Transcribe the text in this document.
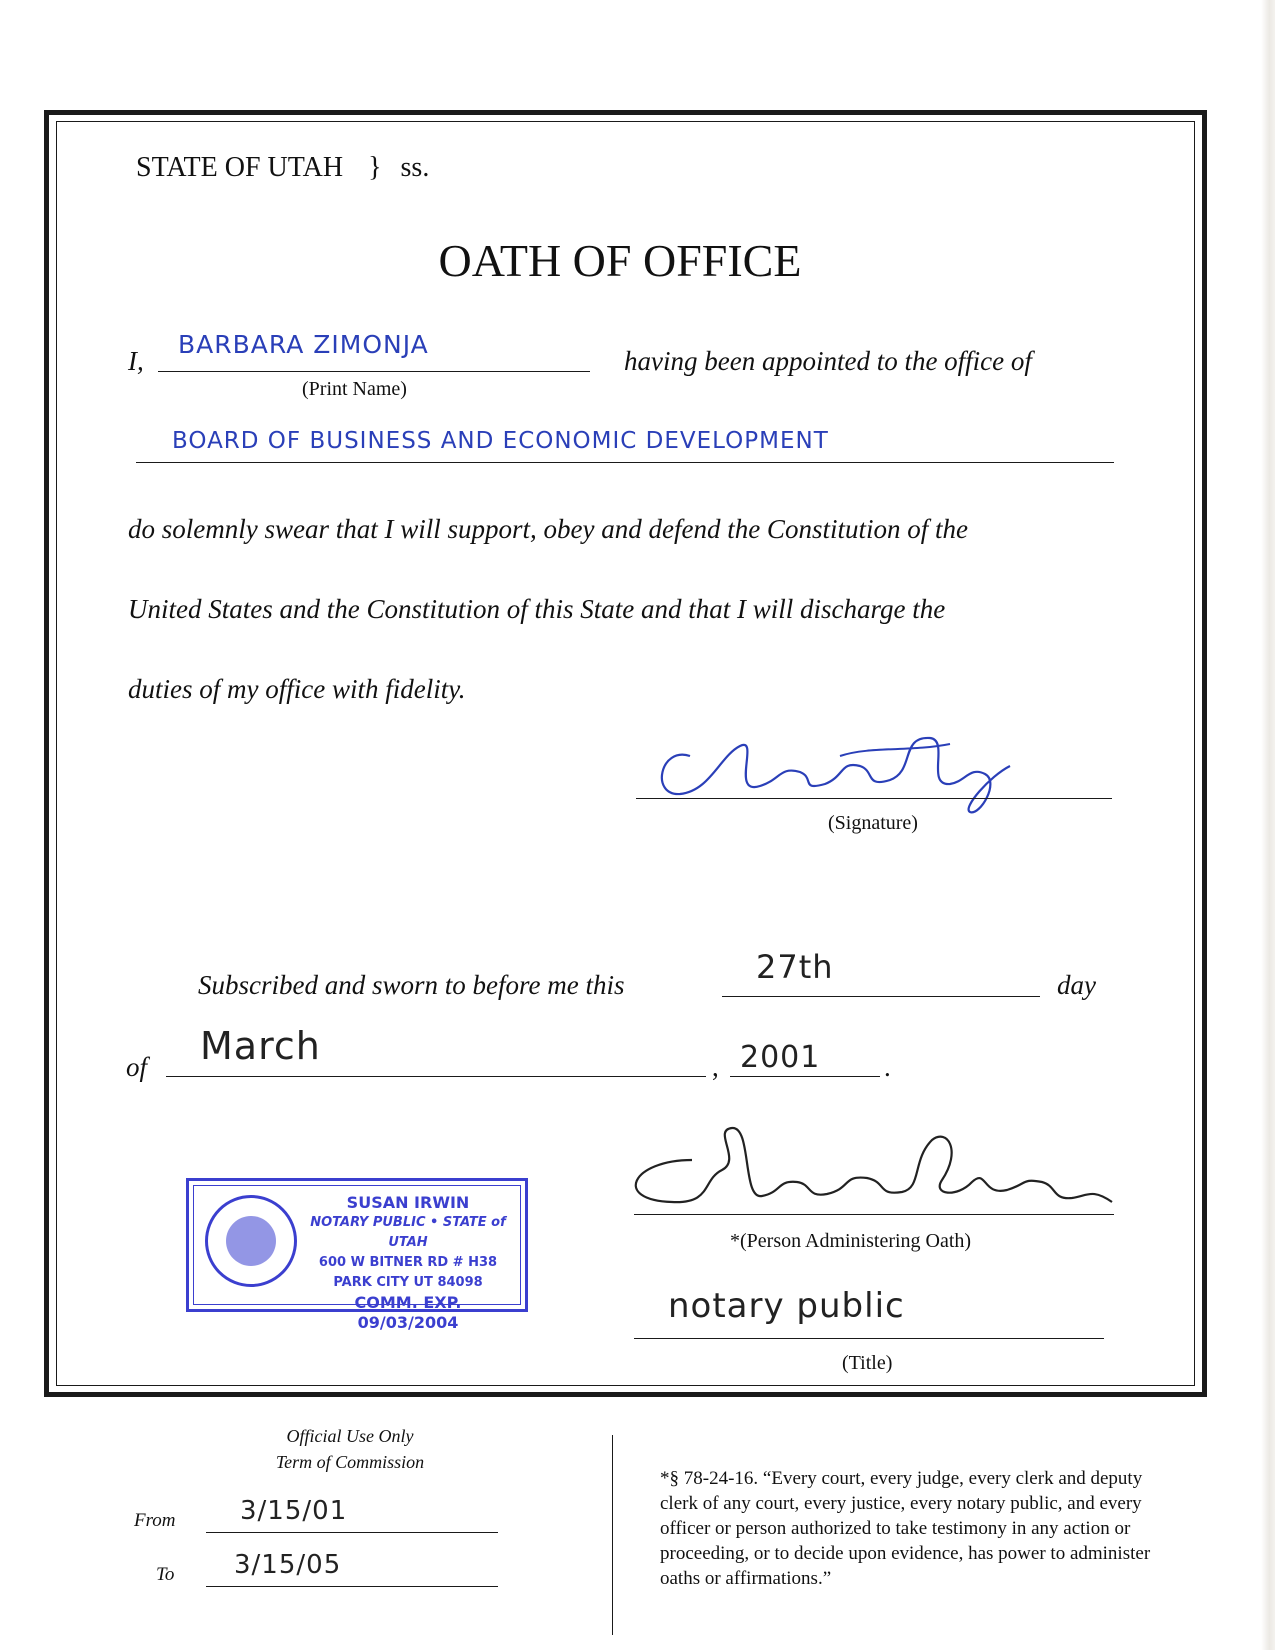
STATE OF UTAH } ss.
OATH OF OFFICE
I,
BARBARA ZIMONJA
having been appointed to the office of
(Print Name)
BOARD OF BUSINESS AND ECONOMIC DEVELOPMENT
do solemnly swear that I will support, obey and defend the Constitution of the
United States and the Constitution of this State and that I will discharge the
duties of my office with fidelity.
(Signature)
Subscribed and sworn to before me this	27th	day
of March	, 2001 .
SUSAN IRWIN
NOTARY PUBLIC • STATE of UTAH
600 W BITNER RD # H38
PARK CITY UT 84098
COMM. EXP. 09/03/2004
*(Person Administering Oath)
notary public
(Title)
Official Use Only
Term of Commission
From 3/15/01
To 3/15/05
*§ 78-24-16. “Every court, every judge, every clerk and deputy clerk of any court, every justice, every notary public, and every officer or person authorized to take testimony in any action or proceeding, or to decide upon evidence, has power to administer oaths or affirmations.”
